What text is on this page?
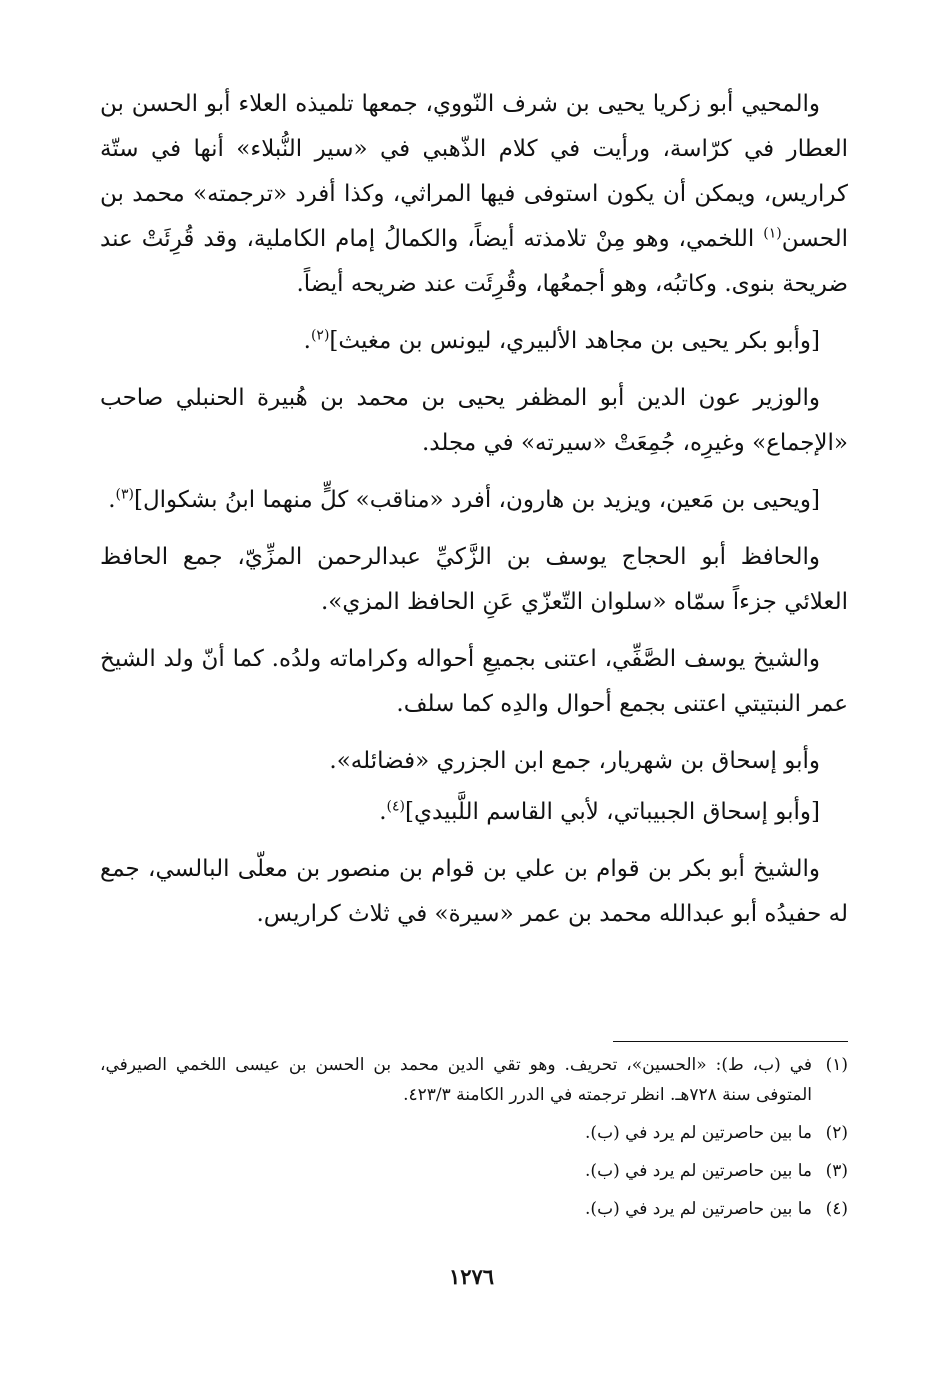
والمحيي أبو زكريا يحيى بن شرف النّووي، جمعها تلميذه العلاء أبو الحسن بن العطار في كرّاسة، ورأيت في كلام الذّهبي في «سير النُّبلاء» أنها في ستّة كراريس، ويمكن أن يكون استوفى فيها المراثي، وكذا أفرد «ترجمته» محمد بن الحسن$^{(١)}$ اللخمي، وهو مِنْ تلامذته أيضاً، والكمالُ إمام الكاملية، وقد قُرِئَتْ عند ضريحة بنوى. وكاتبُه، وهو أجمعُها، وقُرِئَت عند ضريحه أيضاً.

[وأبو بكر يحيى بن مجاهد الألبيري، ليونس بن مغيث]$^{(٢)}$.

والوزير عون الدين أبو المظفر يحيى بن محمد بن هُبيرة الحنبلي صاحب «الإجماع» وغيرِه، جُمِعَتْ «سيرته» في مجلد.

[ويحيى بن مَعين، ويزيد بن هارون، أفرد «مناقب» كلٍّ منهما ابنُ بشكوال]$^{(٣)}$.

والحافظ أبو الحجاج يوسف بن الزَّكيِّ عبدالرحمن المزِّيّ، جمع الحافظ العلائي جزءاً سمّاه «سلوان التّعزّي عَنِ الحافظ المزي».

والشيخ يوسف الصَّفِّي، اعتنى بجميعِ أحواله وكراماته ولدُه. كما أنّ ولد الشيخ عمر النبتيتي اعتنى بجمع أحوال والدِه كما سلف.

وأبو إسحاق بن شهريار، جمع ابن الجزري «فضائله».

[وأبو إسحاق الجبيباتي، لأبي القاسم اللَّبيدي]$^{(٤)}$.

والشيخ أبو بكر بن قوام بن علي بن قوام بن منصور بن معلّى البالسي، جمع له حفيدُه أبو عبدالله محمد بن عمر «سيرة» في ثلاث كراريس.

(١)
في (ب، ط): «الحسين»، تحريف. وهو تقي الدين محمد بن الحسن بن عيسى اللخمي الصيرفي، المتوفى سنة ٧٢٨هـ. انظر ترجمته في الدرر الكامنة ٤٢٣/٣.
(٢)
ما بين حاصرتين لم يرد في (ب).
(٣)
ما بين حاصرتين لم يرد في (ب).
(٤)
ما بين حاصرتين لم يرد في (ب).
١٢٧٦
